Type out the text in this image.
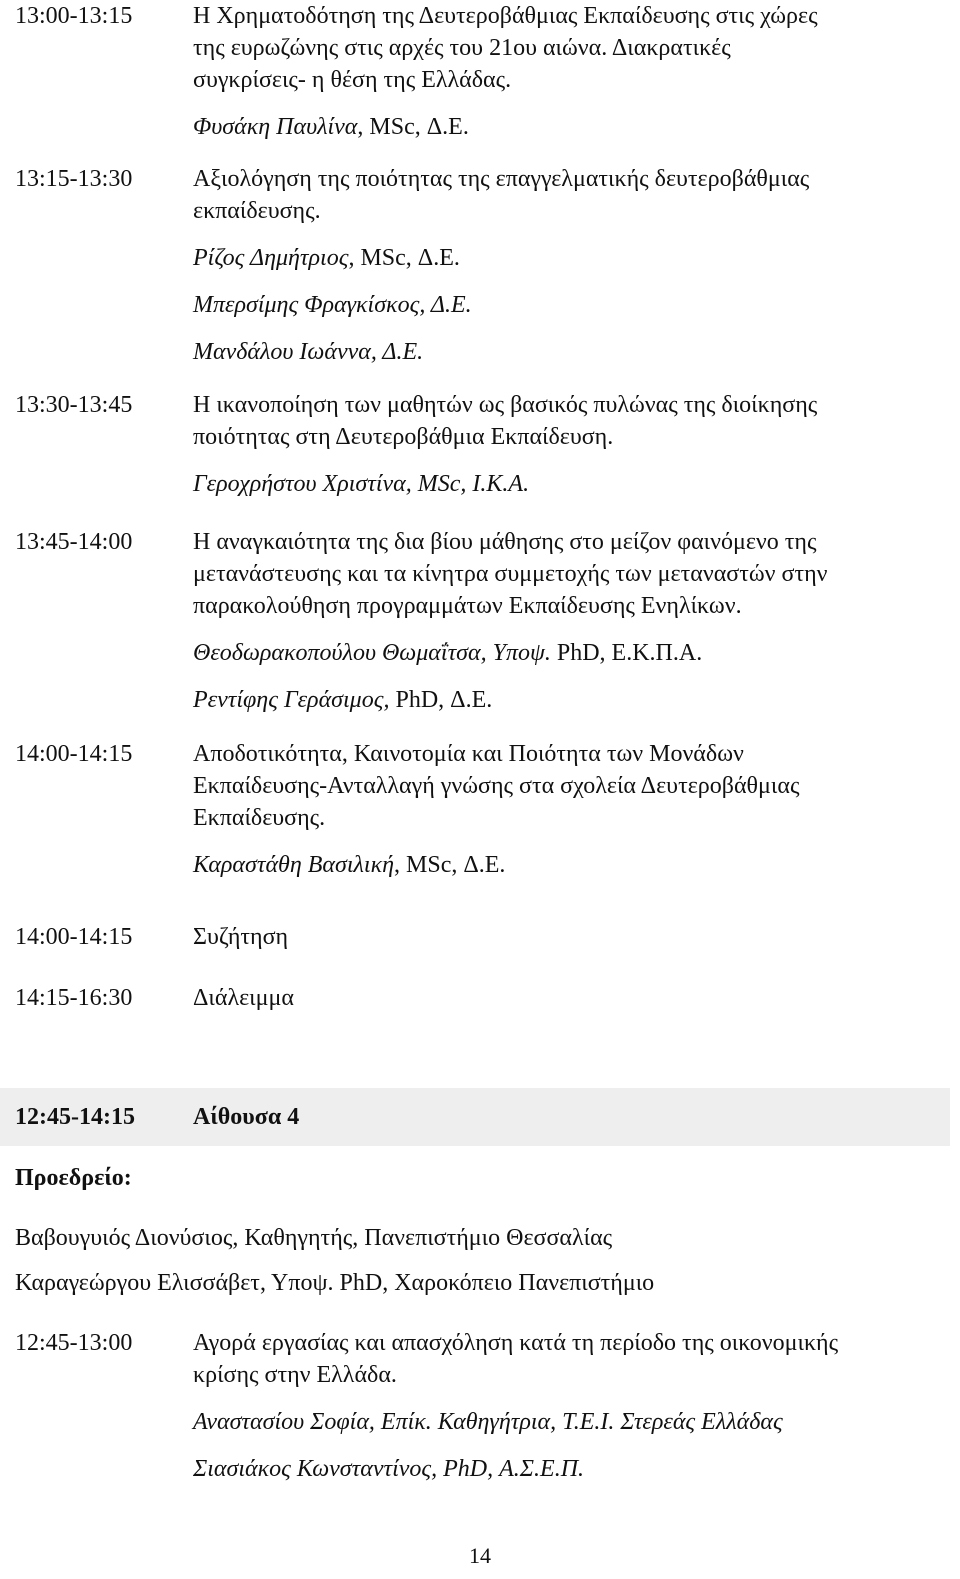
13:00-13:15	Η Χρηματοδότηση της Δευτεροβάθμιας Εκπαίδευσης στις χώρες
της ευρωζώνης στις αρχές του 21ου αιώνα. Διακρατικές
συγκρίσεις- η θέση της Ελλάδας.
Φυσάκη Παυλίνα, MSc, Δ.Ε.
13:15-13:30	Αξιολόγηση της ποιότητας της επαγγελματικής δευτεροβάθμιας
εκπαίδευσης.
Ρίζος Δημήτριος, MSc, Δ.Ε.
Μπερσίμης Φραγκίσκος, Δ.Ε.
Μανδάλου Ιωάννα, Δ.Ε.
13:30-13:45	Η ικανοποίηση των μαθητών ως βασικός πυλώνας της διοίκησης
ποιότητας στη Δευτεροβάθμια Εκπαίδευση.
Γεροχρήστου Χριστίνα, MSc, Ι.Κ.Α.
13:45-14:00	Η αναγκαιότητα της δια βίου μάθησης στο μείζον φαινόμενο της
μετανάστευσης και τα κίνητρα συμμετοχής των μεταναστών στην
παρακολούθηση προγραμμάτων Εκπαίδευσης Ενηλίκων.
Θεοδωρακοπούλου Θωμαΐτσα, Υποψ. PhD, Ε.Κ.Π.Α.
Ρεντίφης Γεράσιμος, PhD, Δ.Ε.
14:00-14:15	Αποδοτικότητα, Καινοτομία και Ποιότητα των Μονάδων
Εκπαίδευσης-Ανταλλαγή γνώσης στα σχολεία Δευτεροβάθμιας
Εκπαίδευσης.
Καραστάθη Βασιλική, MSc, Δ.Ε.
14:00-14:15	Συζήτηση
14:15-16:30	Διάλειμμα
12:45-14:15 Αίθουσα 4
Προεδρείο:
Βαβουγυιός Διονύσιος, Καθηγητής, Πανεπιστήμιο Θεσσαλίας
Καραγεώργου Ελισσάβετ, Υποψ. PhD, Χαροκόπειο Πανεπιστήμιο
12:45-13:00	Αγορά εργασίας και απασχόληση κατά τη περίοδο της οικονομικής
κρίσης στην Ελλάδα.
Αναστασίου Σοφία, Επίκ. Καθηγήτρια, Τ.Ε.Ι. Στερεάς Ελλάδας
Σιασιάκος Κωνσταντίνος, PhD, Α.Σ.Ε.Π.
14
